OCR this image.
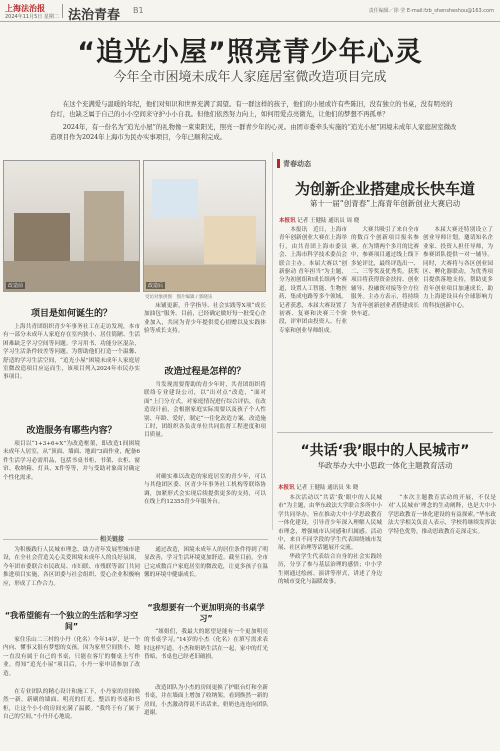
上海法治报
2024年11月5日 星期二 法治青春 B1	责任编辑／徐 莹 E-mail:fzb_shensheshou@163.com
“追光小屋”照亮青少年心灵
今年全市困境未成年人家庭居室微改造项目完成

在这个充满爱与温暖的年纪，他们对知识和世界充满了渴望。有一群这样的孩子，他们的小屋或许有些陈旧，没有独立的书桌，没有明亮的台灯，也缺乏属于自己的小小空间来守护小小自我。但他们依然努力向上，如何用爱点亮微光，让他们的梦想不再孤单？

2024年，有一份名为“追光小屋”的礼物像一束束阳光，照亮一群青少年的心灵。由团市委牵头实施的“追光小屋”困境未成年人家庭居室微改造项目作为2024年上海市为民办实事项目，今年已顺利完成。

改造前	改造后
受访对象供图　图片编辑 / 郭晓乐
项目是如何诞生的？

上海共青团组织青少年事务社工在走访发现，本市有一部分未成年人家庭存在室内狭小、居住简陋、生活困难缺乏学习空间等问题。学习用书、功能分区混杂，学习生活条件较差等问题。为帮助他们打造一个温馨、舒适的学习生活空间，“追光小屋”困境未成年人家庭居室微改造项目应运而生，该项目列入2024年市民办实事项目。

改造服务有哪些内容？

项目以“1+3+6+X”为改造框架，即改造1间困境未成年人居室，从“顶面、墙面、地面”3面作业，配备6件生活学习必需用品，包括书桌书柜、书架、衣柜、窗帘、收纳箱、灯具、X件等等，并与受助对象商讨确定个性化需求。

床铺更新，升学指导、社会实践等X项“成长加油包”服务。目前，已经确定做好每一批受心企业加入，共同为青少年提供爱心捐赠以及实践体验等成长支持。

改造过程是怎样的？

当发现需要帮助的青少年时，共青团组织将联络专业建设公司，以“出对点”改造，“面对面”上门分方式，对家庭情况进行综合评估，在改造设计前，会根据家庭实际需要以及孩子个人性别、年龄、爱好，制定“一住化改造方案。改造施工时，团组织各负责单位共同监督工程进度和项目质量。

对确实难以改造的家庭居室的青少年，可以与其他团区委、区青少年事务社工机构等联络协调，加紧形式会实现后续提供更多的支持，可以在线上约12355青少年服务台。

青春动态
为创新企业搭建成长快车道
第十一届“创青春”上海青年创新创业大赛启动
本报讯 记者 王健陆 通讯员 周 晓

本报讯　近日，上海市青年创新创业大赛在上海举行，由共青团上海市委员会、上海市科学技术委员会联合主办。本届大赛以“创新驱动 青年担当”为主题，分为初创组和成长组两个赛道，设置人工智能、生物医药、集成电路等多个领域。记者获悉，本届大赛设置了初赛、复赛和决赛三个阶段，评审团由投资人、行业专家和创业导师组成。

大赛共吸引了来自全市的数百个创新项目报名参赛。在为期两个多月的比赛中，参赛项目通过线上线下多轮评比，最终评选出一、二、三等奖及优秀奖。获奖项目将获得资金扶持、创业辅导、投融资对接等全方位服务。主办方表示，将持续为青年创新创业者搭建成长快车道。

本届大赛还特别设立了创业导师计划，邀请知名企业家、投资人担任导师，为参赛团队提供一对一辅导。同时，大赛将与各区创业园区、孵化器联动，为优秀项目提供落地支持，帮助更多青年创业项目加速成长，助力上海建设具有全球影响力的科技创新中心。

“共话‘我’眼中的人民城市”
华政举办大中小思政一体化主题教育活动
相关链接

为积极践行人民城市理念，助力青年发展型城市建设，在全社会营造关心关爱困境未成年人的良好氛围，今年团市委联合市民政局、市妇联、市残联等部门共同推进项目实施，各区团委与社会组织、爱心企业积极响应，形成了工作合力。

“我希望能有一个独立的生活和学习空间”

家住乐山二三村的小丹（化名）今年14岁，是一个内向、懂事又很有梦想的女孩。因为家里空间狭小，她一直没有属于自己的书桌，只能在客厅的餐桌上写作业。得知“追光小屋”项目后，小丹一家申请参加了改造。

在专业团队的精心设计和施工下，小丹家的房间焕然一新。新刷的墙面、明亮的灯光、整洁的书桌和书柜，让这个小小的房间充满了温暖。“我终于有了属于自己的空间，”小丹开心地说。

通过改造，困境未成年人的居住条件得到了明显改善，学习生活环境更加舒适。截至目前，全市已完成数百户家庭居室的微改造，让更多孩子在温馨的环境中健康成长。

“我想要有一个更加明亮的书桌学习”

“姐姐们，我最大的愿望是能有一个更加明亮的书桌学习。”14岁的小杰（化名）在填写需求表时这样写道。小杰和奶奶生活在一起，家中的灯光昏暗，书桌也已经老旧破损。

改造团队为小杰的房间更换了护眼台灯和全新书桌，并在墙面上增加了收纳架。看到焕然一新的房间，小杰激动得说不出话来，奶奶也连连向团队道谢。

本报讯 记者 王健陆 通讯员 朱 晓

本次活动以“共话‘我’眼中的人民城市”为主题，由华东政法大学联合多所中小学共同举办，旨在推动大中小学思政教育一体化建设，引导青少年深入理解人民城市理念，增强城市认同感和归属感。活动中，来自不同学段的学生代表围绕城市发展、社区治理等话题展开交流。

华政学生代表结合自身的社会实践经历，分享了参与基层治理的感悟；中小学生则通过绘画、演讲等形式，讲述了身边的城市变化与温暖故事。

“本次主题教育活动的开展，不仅是对‘人民城市’理念的生动阐释，也是大中小学思政教育一体化建设的有益探索。”华东政法大学相关负责人表示，学校将继续发挥法学特色优势，推动思政教育走深走实。
